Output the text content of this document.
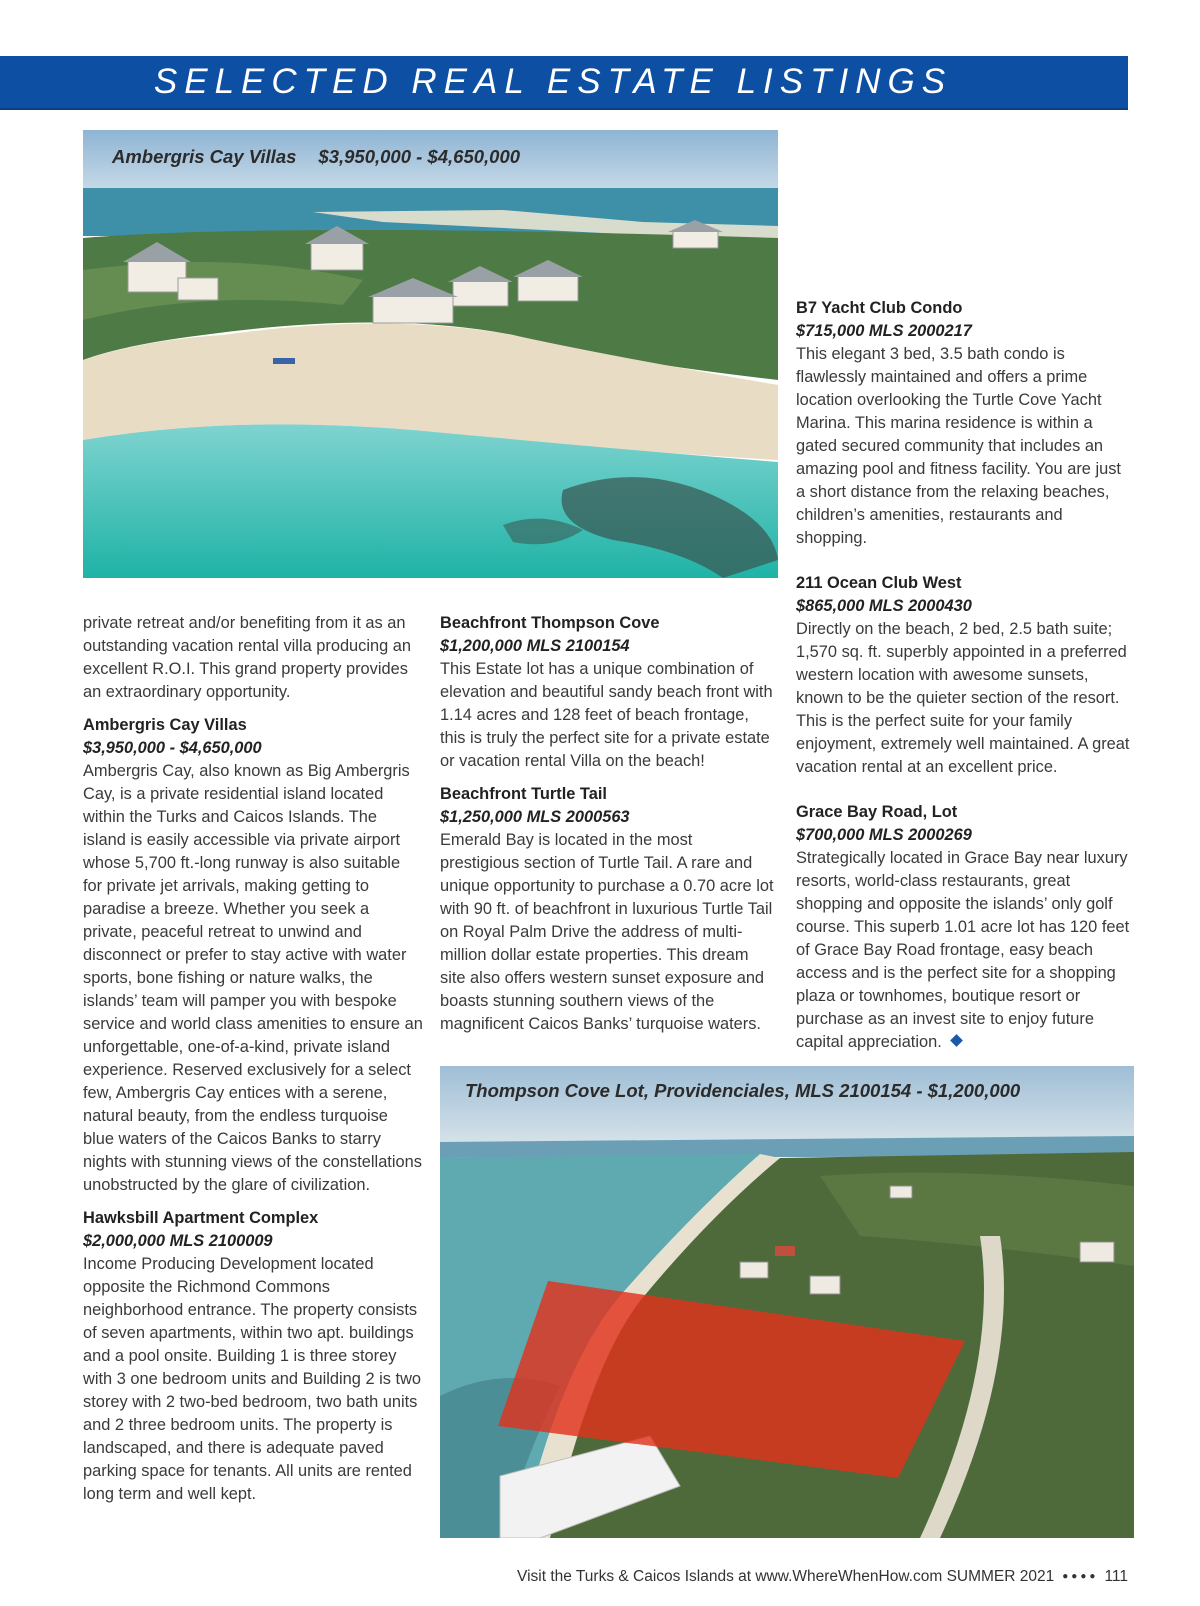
SELECTED REAL ESTATE LISTINGS
Ambergris Cay Villas $3,950,000 - $4,650,000

private retreat and/or benefiting from it as an outstanding vacation rental villa producing an excellent R.O.I. This grand property provides an extraordinary opportunity.

Ambergris Cay Villas

$3,950,000 - $4,650,000

Ambergris Cay, also known as Big Ambergris Cay, is a private residential island located within the Turks and Caicos Islands. The island is easily accessible via private airport whose 5,700 ft.-long runway is also suitable for private jet arrivals, making getting to paradise a breeze. Whether you seek a private, peaceful retreat to unwind and disconnect or prefer to stay active with water sports, bone fishing or nature walks, the islands’ team will pamper you with bespoke service and world class amenities to ensure an unforgettable, one-of-a-kind, private island experience. Reserved exclusively for a select few, Ambergris Cay entices with a serene, natural beauty, from the endless turquoise blue waters of the Caicos Banks to starry nights with stunning views of the constellations unobstructed by the glare of civilization.

Hawksbill Apartment Complex

$2,000,000 MLS 2100009

Income Producing Development located opposite the Richmond Commons neighborhood entrance. The property consists of seven apartments, within two apt. buildings and a pool onsite. Building 1 is three storey with 3 one bedroom units and Building 2 is two storey with 2 two-bed bedroom, two bath units and 2 three bedroom units. The property is landscaped, and there is adequate paved parking space for tenants. All units are rented long term and well kept.

Beachfront Thompson Cove

$1,200,000 MLS 2100154

This Estate lot has a unique combination of elevation and beautiful sandy beach front with 1.14 acres and 128 feet of beach frontage, this is truly the perfect site for a private estate or vacation rental Villa on the beach!

Beachfront Turtle Tail

$1,250,000 MLS 2000563

Emerald Bay is located in the most prestigious section of Turtle Tail. A rare and unique opportunity to purchase a 0.70 acre lot with 90 ft. of beachfront in luxurious Turtle Tail on Royal Palm Drive the address of multi-million dollar estate properties. This dream site also offers western sunset exposure and boasts stunning southern views of the magnificent Caicos Banks’ turquoise waters.

B7 Yacht Club Condo

$715,000 MLS 2000217

This elegant 3 bed, 3.5 bath condo is flawlessly maintained and offers a prime location overlooking the Turtle Cove Yacht Marina. This marina residence is within a gated secured community that includes an amazing pool and fitness facility. You are just a short distance from the relaxing beaches, children’s amenities, restaurants and shopping.

211 Ocean Club West

$865,000 MLS 2000430

Directly on the beach, 2 bed, 2.5 bath suite; 1,570 sq. ft. superbly appointed in a preferred western location with awesome sunsets, known to be the quieter section of the resort. This is the perfect suite for your family enjoyment, extremely well maintained. A great vacation rental at an excellent price.

Grace Bay Road, Lot

$700,000 MLS 2000269

Strategically located in Grace Bay near luxury resorts, world-class restaurants, great shopping and opposite the islands’ only golf course. This superb 1.01 acre lot has 120 feet of Grace Bay Road frontage, easy beach access and is the perfect site for a shopping plaza or townhomes, boutique resort or purchase as an invest site to enjoy future capital appreciation.

Thompson Cove Lot, Providenciales, MLS 2100154 - $1,200,000
Visit the Turks & Caicos Islands at www.WhereWhenHow.com SUMMER 2021 ●●●● 111
